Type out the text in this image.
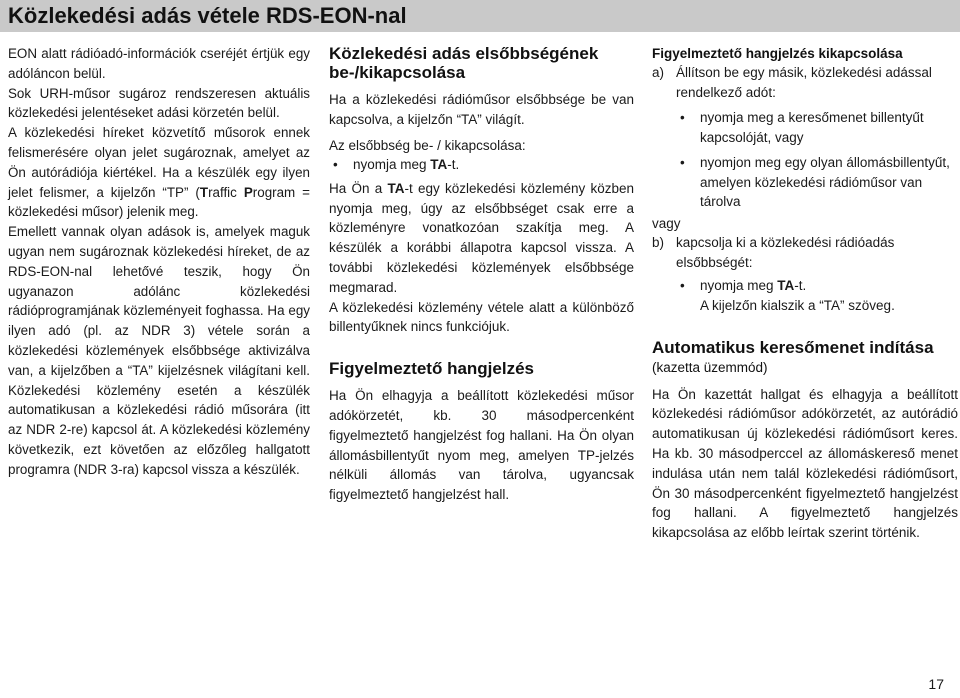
Közlekedési adás vétele RDS-EON-nal

EON alatt rádióadó-információk cseréjét értjük egy adóláncon belül.

Sok URH-műsor sugároz rendszeresen aktuális közlekedési jelentéseket adási körzetén belül.

A közlekedési híreket közvetítő műsorok ennek felismerésére olyan jelet sugároznak, amelyet az Ön autórádiója kiértékel. Ha a készülék egy ilyen jelet felismer, a kijelzőn “TP” (Traffic Program = közlekedési műsor) jelenik meg.

Emellett vannak olyan adások is, amelyek maguk ugyan nem sugároznak közlekedési híreket, de az RDS-EON-nal lehetővé teszik, hogy Ön ugyanazon adólánc közlekedési rádióprogramjának közleményeit foghassa. Ha egy ilyen adó (pl. az NDR 3) vétele során a közlekedési közlemények elsőbbsége aktivizálva van, a kijelzőben a “TA” kijelzésnek világítani kell. Közlekedési közlemény esetén a készülék automatikusan a közlekedési rádió műsorára (itt az NDR 2-re) kapcsol át. A közlekedési közlemény következik, ezt követően az előzőleg hallgatott programra (NDR 3-ra) kapcsol vissza a készülék.

Közlekedési adás elsőbbségének be-/kikapcsolása

Ha a közlekedési rádióműsor elsőbbsége be van kapcsolva, a kijelzőn “TA” világít.

Az elsőbbség be- / kikapcsolása:

• nyomja meg TA-t.

Ha Ön a TA-t egy közlekedési közlemény közben nyomja meg, úgy az elsőbbséget csak erre a közleményre vonatkozóan szakítja meg. A készülék a korábbi állapotra kapcsol vissza. A további közlekedési közlemények elsőbbsége megmarad.

A közlekedési közlemény vétele alatt a különböző billentyűknek nincs funkciójuk.

Figyelmeztető hangjelzés

Ha Ön elhagyja a beállított közlekedési műsor adókörzetét, kb. 30 másodpercenként figyelmeztető hangjelzést fog hallani. Ha Ön olyan állomásbillentyűt nyom meg, amelyen TP-jelzés nélküli állomás van tárolva, ugyancsak figyelmeztető hangjelzést hall.

Figyelmeztető hangjelzés kikapcsolása
a) Állítson be egy másik, közlekedési adással rendelkező adót:

• nyomja meg a keresőmenet billentyűt
kapcsolóját, vagy

• nyomjon meg egy olyan állomásbillentyűt, amelyen közlekedési rádióműsor van tárolva

vagy

b) kapcsolja ki a közlekedési rádióadás elsőbbségét:

• nyomja meg TA-t.

A kijelzőn kialszik a “TA” szöveg.

Automatikus keresőmenet indítása (kazetta üzemmód)

Ha Ön kazettát hallgat és elhagyja a beállított közlekedési rádióműsor adókörzetét, az autórádió automatikusan új közlekedési rádióműsort keres. Ha kb. 30 másodperccel az állomáskereső menet indulása után nem talál közlekedési rádióműsort, Ön 30 másodpercenként figyelmeztető hangjelzést fog hallani. A figyelmeztető hangjelzés kikapcsolása az előbb leírtak szerint történik.

17
